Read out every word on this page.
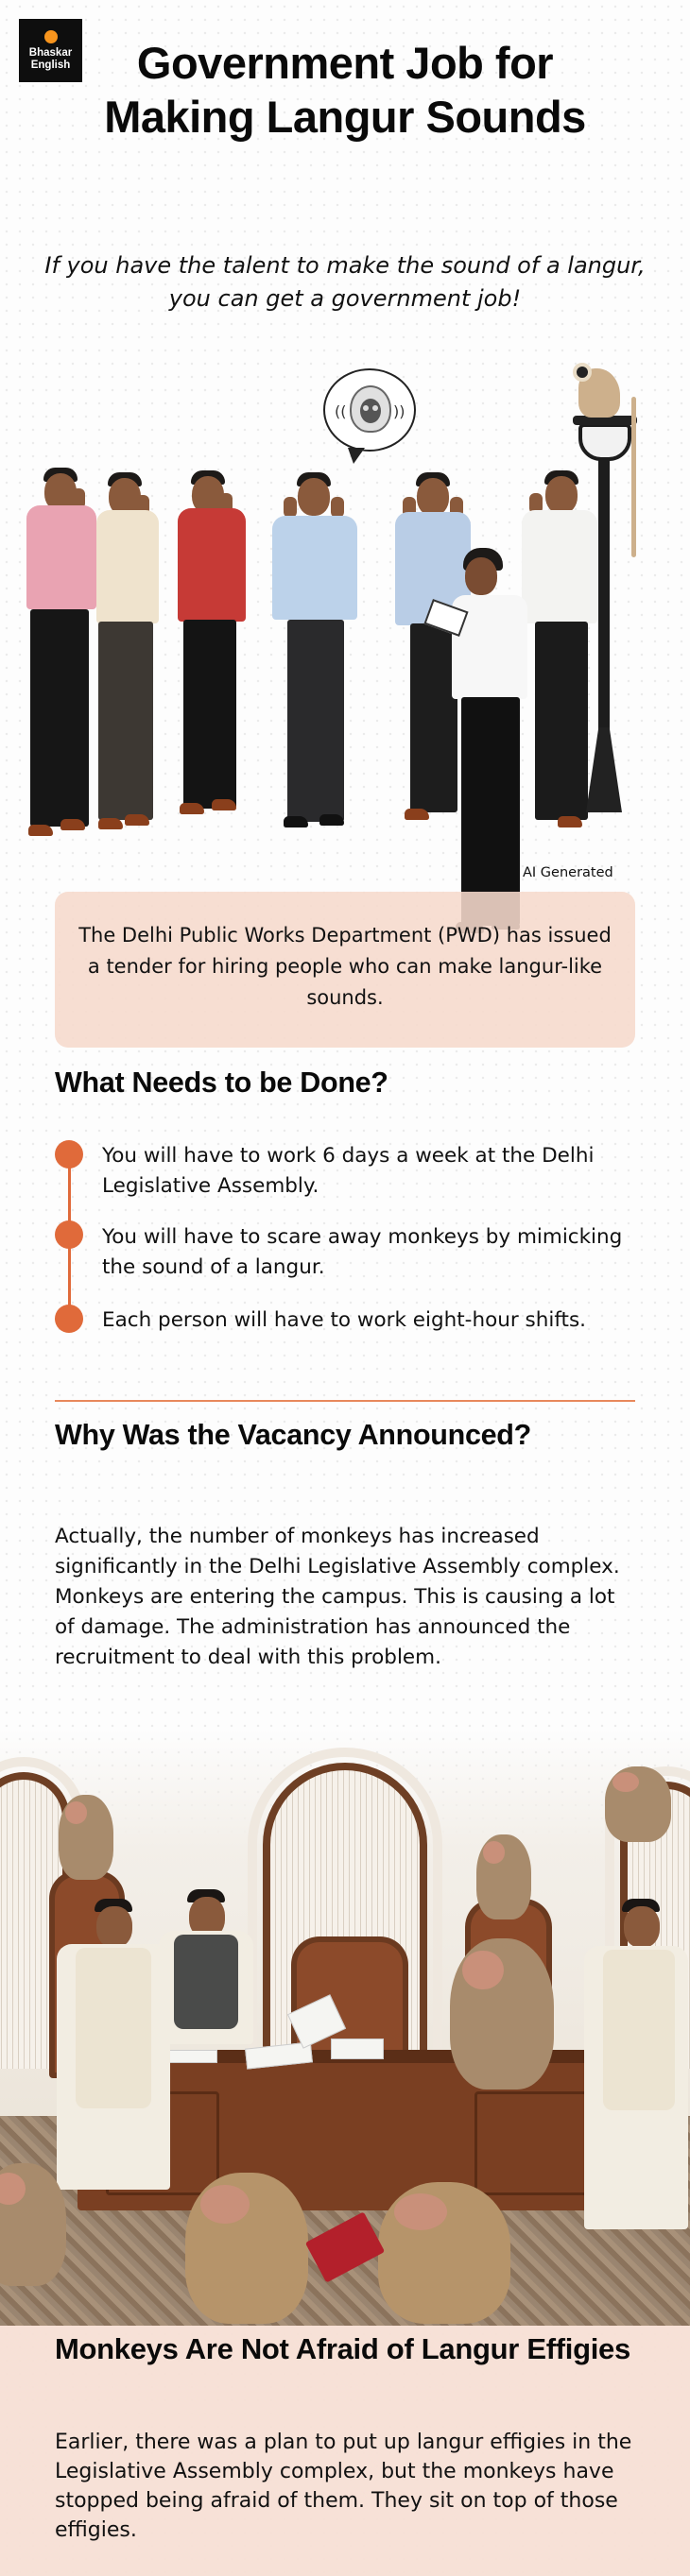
Bhaskar
English	Government Job for Making Langur Sounds

If you have the talent to make the sound of a langur, you can get a government job!

((	))
AI Generated

The Delhi Public Works Department (PWD) has issued a tender for hiring people who can make langur-like sounds.

What Needs to be Done?
You will have to work 6 days a week at the Delhi Legislative Assembly.
You will have to scare away monkeys by mimicking the sound of a langur.
Each person will have to work eight-hour shifts.
Why Was the Vacancy Announced?

Actually, the number of monkeys has increased significantly in the Delhi Legislative Assembly complex. Monkeys are entering the campus. This is causing a lot of damage. The administration has announced the recruitment to deal with this problem.

Monkeys Are Not Afraid of Langur Effigies

Earlier, there was a plan to put up langur effigies in the Legislative Assembly complex, but the monkeys have stopped being afraid of them. They sit on top of those effigies.
